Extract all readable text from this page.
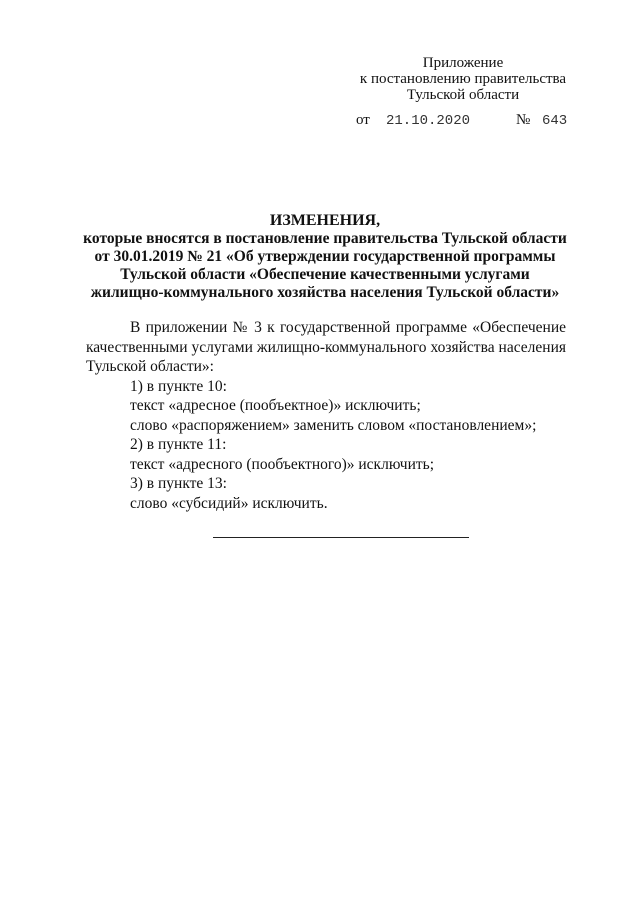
Приложение
к постановлению правительства
Тульской области
от 21.10.2020	№ 643
ИЗМЕНЕНИЯ,
которые вносятся в постановление правительства Тульской области
от 30.01.2019 № 21 «Об утверждении государственной программы
Тульской области «Обеспечение качественными услугами
жилищно-коммунального хозяйства населения Тульской области»
В приложении № 3 к государственной программе «Обеспечение качественными услугами жилищно-коммунального хозяйства населения Тульской области»:
1) в пункте 10:
текст «адресное (пообъектное)» исключить;
слово «распоряжением» заменить словом «постановлением»;
2) в пункте 11:
текст «адресного (пообъектного)» исключить;
3) в пункте 13:
слово «субсидий» исключить.
